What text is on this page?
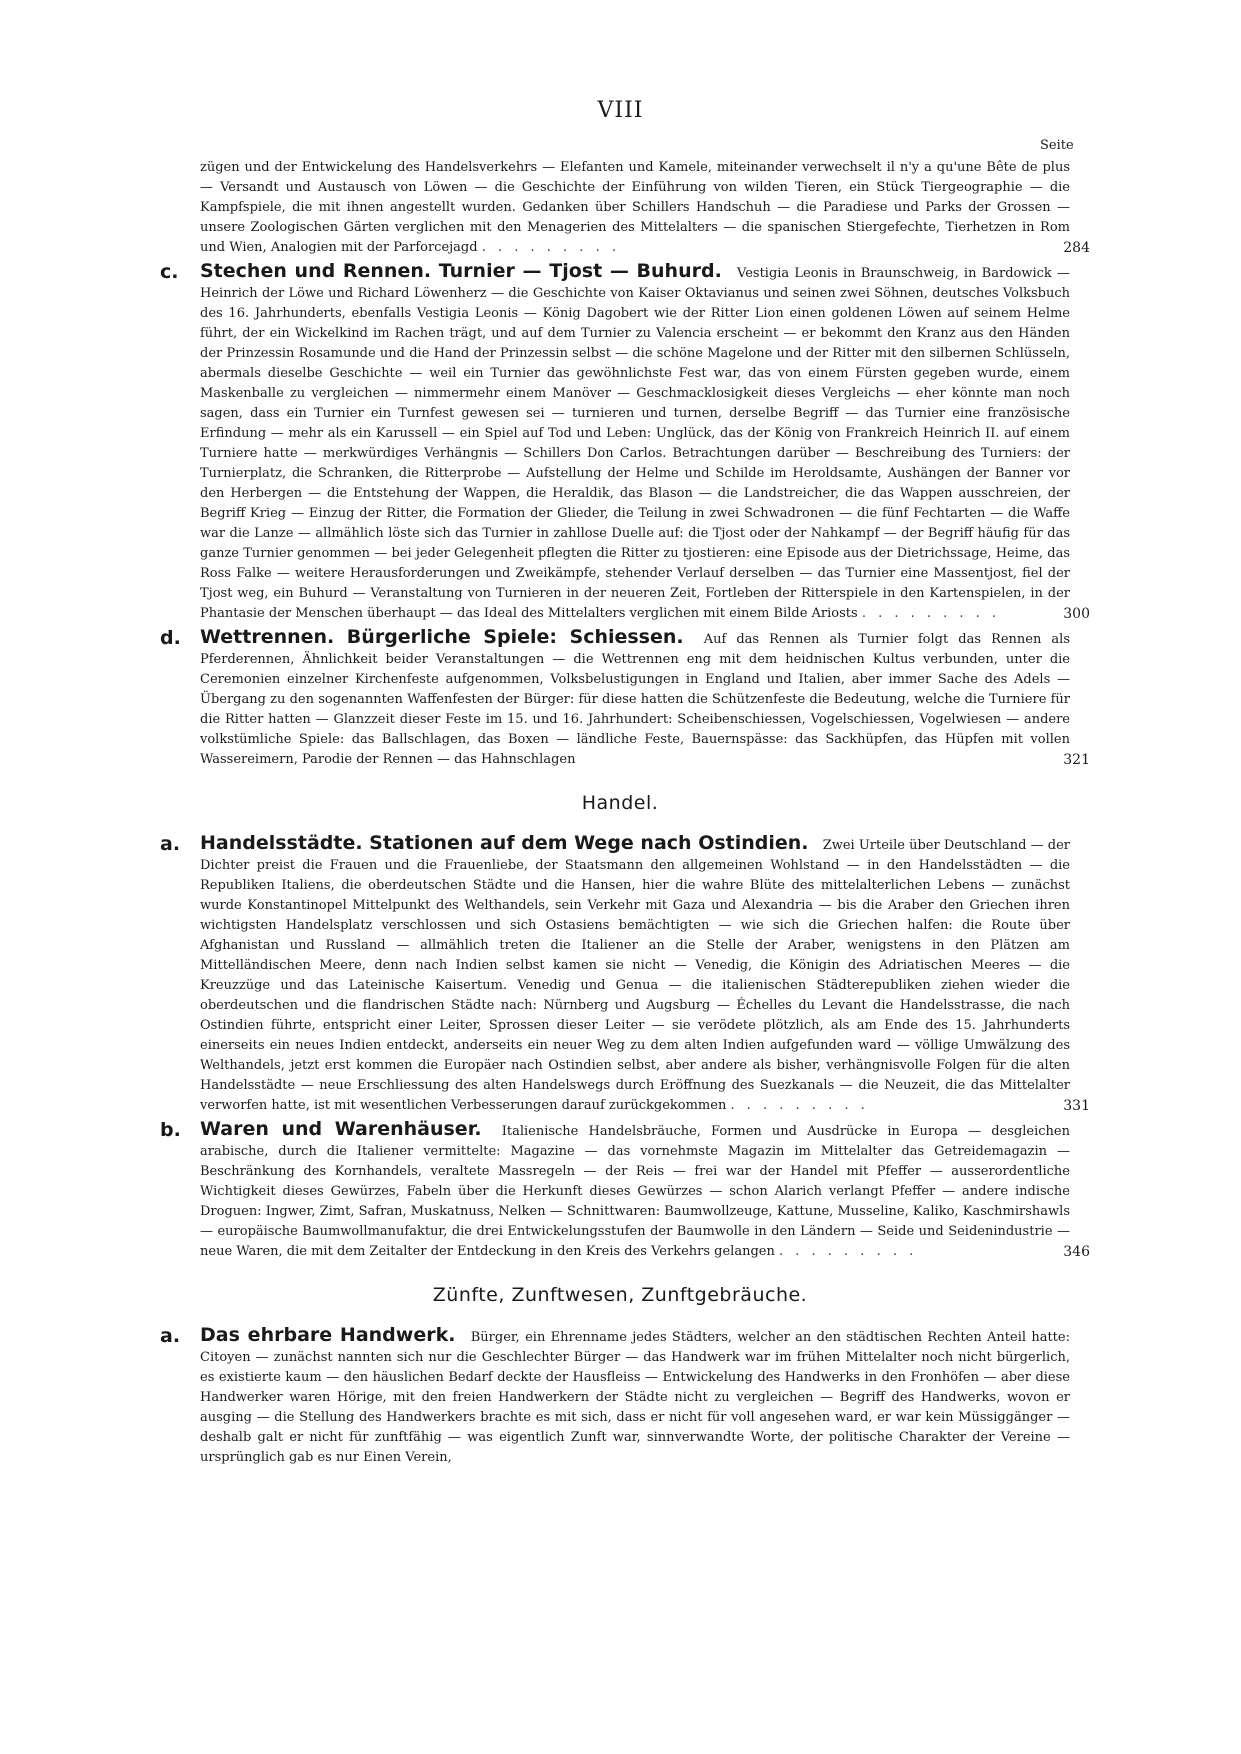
VIII
Seite
zügen und der Entwickelung des Handelsverkehrs — Elefanten und Kamele, miteinander verwechselt il n'y a qu'une Bête de plus — Versandt und Austausch von Löwen — die Geschichte der Einführung von wilden Tieren, ein Stück Tiergeographie — die Kampfspiele, die mit ihnen angestellt wurden. Gedanken über Schillers Handschuh — die Paradiese und Parks der Grossen — unsere Zoologischen Gärten verglichen mit den Menagerien des Mittelalters — die spanischen Stiergefechte, Tierhetzen in Rom und Wien, Analogien mit der Parforcejagd . . . . . . . . .	284
c. Stechen und Rennen. Turnier — Tjost — Buhurd. Vestigia Leonis in Braunschweig, in Bardowick — Heinrich der Löwe und Richard Löwenherz — die Geschichte von Kaiser Oktavianus und seinen zwei Söhnen, deutsches Volksbuch des 16. Jahrhunderts, ebenfalls Vestigia Leonis — König Dagobert wie der Ritter Lion einen goldenen Löwen auf seinem Helme führt, der ein Wickelkind im Rachen trägt, und auf dem Turnier zu Valencia erscheint — er bekommt den Kranz aus den Händen der Prinzessin Rosamunde und die Hand der Prinzessin selbst — die schöne Magelone und der Ritter mit den silbernen Schlüsseln, abermals dieselbe Geschichte — weil ein Turnier das gewöhnlichste Fest war, das von einem Fürsten gegeben wurde, einem Maskenballe zu vergleichen — nimmermehr einem Manöver — Geschmacklosigkeit dieses Vergleichs — eher könnte man noch sagen, dass ein Turnier ein Turnfest gewesen sei — turnieren und turnen, derselbe Begriff — das Turnier eine französische Erfindung — mehr als ein Karussell — ein Spiel auf Tod und Leben: Unglück, das der König von Frankreich Heinrich II. auf einem Turniere hatte — merkwürdiges Verhängnis — Schillers Don Carlos. Betrachtungen darüber — Beschreibung des Turniers: der Turnierplatz, die Schranken, die Ritterprobe — Aufstellung der Helme und Schilde im Heroldsamte, Aushängen der Banner vor den Herbergen — die Entstehung der Wappen, die Heraldik, das Blason — die Landstreicher, die das Wappen ausschreien, der Begriff Krieg — Einzug der Ritter, die Formation der Glieder, die Teilung in zwei Schwadronen — die fünf Fechtarten — die Waffe war die Lanze — allmählich löste sich das Turnier in zahllose Duelle auf: die Tjost oder der Nahkampf — der Begriff häufig für das ganze Turnier genommen — bei jeder Gelegenheit pflegten die Ritter zu tjostieren: eine Episode aus der Dietrichssage, Heime, das Ross Falke — weitere Herausforderungen und Zweikämpfe, stehender Verlauf derselben — das Turnier eine Massentjost, fiel der Tjost weg, ein Buhurd — Veranstaltung von Turnieren in der neueren Zeit, Fortleben der Ritterspiele in den Kartenspielen, in der Phantasie der Menschen überhaupt — das Ideal des Mittelalters verglichen mit einem Bilde Ariosts . . . . . . . . .	300
d. Wettrennen. Bürgerliche Spiele: Schiessen. Auf das Rennen als Turnier folgt das Rennen als Pferderennen, Ähnlichkeit beider Veranstaltungen — die Wettrennen eng mit dem heidnischen Kultus verbunden, unter die Ceremonien einzelner Kirchenfeste aufgenommen, Volksbelustigungen in England und Italien, aber immer Sache des Adels — Übergang zu den sogenannten Waffenfesten der Bürger: für diese hatten die Schützenfeste die Bedeutung, welche die Turniere für die Ritter hatten — Glanzzeit dieser Feste im 15. und 16. Jahrhundert: Scheibenschiessen, Vogelschiessen, Vogelwiesen — andere volkstümliche Spiele: das Ballschlagen, das Boxen — ländliche Feste, Bauernspässe: das Sackhüpfen, das Hüpfen mit vollen Wassereimern, Parodie der Rennen — das Hahnschlagen	321
Handel.
a. Handelsstädte. Stationen auf dem Wege nach Ostindien. Zwei Urteile über Deutschland — der Dichter preist die Frauen und die Frauenliebe, der Staatsmann den allgemeinen Wohlstand — in den Handelsstädten — die Republiken Italiens, die oberdeutschen Städte und die Hansen, hier die wahre Blüte des mittelalterlichen Lebens — zunächst wurde Konstantinopel Mittelpunkt des Welthandels, sein Verkehr mit Gaza und Alexandria — bis die Araber den Griechen ihren wichtigsten Handelsplatz verschlossen und sich Ostasiens bemächtigten — wie sich die Griechen halfen: die Route über Afghanistan und Russland — allmählich treten die Italiener an die Stelle der Araber, wenigstens in den Plätzen am Mittelländischen Meere, denn nach Indien selbst kamen sie nicht — Venedig, die Königin des Adriatischen Meeres — die Kreuzzüge und das Lateinische Kaisertum. Venedig und Genua — die italienischen Städterepubliken ziehen wieder die oberdeutschen und die flandrischen Städte nach: Nürnberg und Augsburg — Échelles du Levant die Handelsstrasse, die nach Ostindien führte, entspricht einer Leiter, Sprossen dieser Leiter — sie verödete plötzlich, als am Ende des 15. Jahrhunderts einerseits ein neues Indien entdeckt, anderseits ein neuer Weg zu dem alten Indien aufgefunden ward — völlige Umwälzung des Welthandels, jetzt erst kommen die Europäer nach Ostindien selbst, aber andere als bisher, verhängnisvolle Folgen für die alten Handelsstädte — neue Erschliessung des alten Handelswegs durch Eröffnung des Suezkanals — die Neuzeit, die das Mittelalter verworfen hatte, ist mit wesentlichen Verbesserungen darauf zurückgekommen . . . . . . . . .	331
b. Waren und Warenhäuser. Italienische Handelsbräuche, Formen und Ausdrücke in Europa — desgleichen arabische, durch die Italiener vermittelte: Magazine — das vornehmste Magazin im Mittelalter das Getreidemagazin — Beschränkung des Kornhandels, veraltete Massregeln — der Reis — frei war der Handel mit Pfeffer — ausserordentliche Wichtigkeit dieses Gewürzes, Fabeln über die Herkunft dieses Gewürzes — schon Alarich verlangt Pfeffer — andere indische Droguen: Ingwer, Zimt, Safran, Muskatnuss, Nelken — Schnittwaren: Baumwollzeuge, Kattune, Musseline, Kaliko, Kaschmirshawls — europäische Baumwollmanufaktur, die drei Entwickelungsstufen der Baumwolle in den Ländern — Seide und Seidenindustrie — neue Waren, die mit dem Zeitalter der Entdeckung in den Kreis des Verkehrs gelangen . . . . . . . . .	346
Zünfte, Zunftwesen, Zunftgebräuche.
a. Das ehrbare Handwerk. Bürger, ein Ehrenname jedes Städters, welcher an den städtischen Rechten Anteil hatte: Citoyen — zunächst nannten sich nur die Geschlechter Bürger — das Handwerk war im frühen Mittelalter noch nicht bürgerlich, es existierte kaum — den häuslichen Bedarf deckte der Hausfleiss — Entwickelung des Handwerks in den Fronhöfen — aber diese Handwerker waren Hörige, mit den freien Handwerkern der Städte nicht zu vergleichen — Begriff des Handwerks, wovon er ausging — die Stellung des Handwerkers brachte es mit sich, dass er nicht für voll angesehen ward, er war kein Müssiggänger — deshalb galt er nicht für zunftfähig — was eigentlich Zunft war, sinnverwandte Worte, der politische Charakter der Vereine — ursprünglich gab es nur Einen Verein,
